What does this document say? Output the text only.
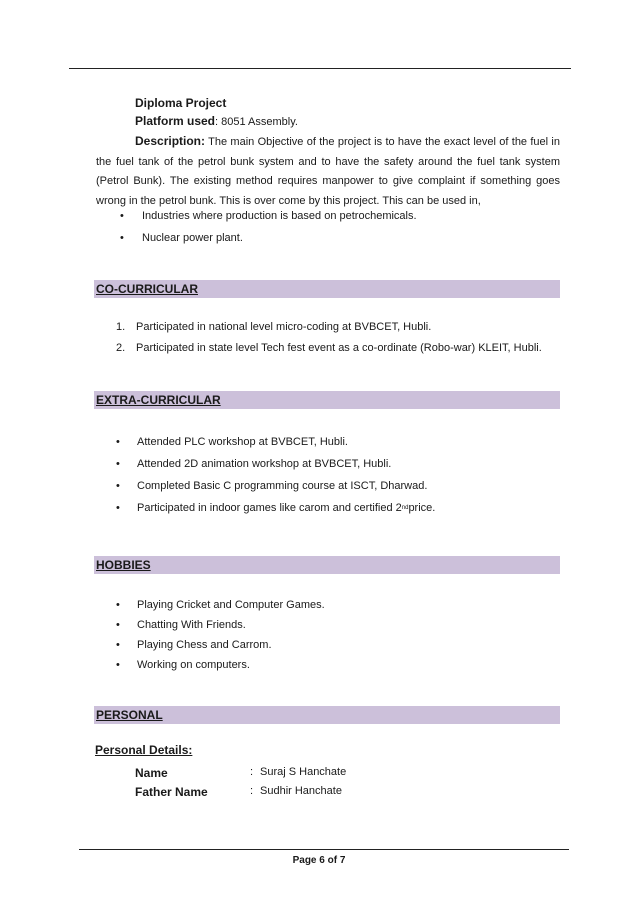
Diploma Project
Platform used: 8051 Assembly.
Description: The main Objective of the project is to have the exact level of the fuel in the fuel tank of the petrol bunk system and to have the safety around the fuel tank system (Petrol Bunk). The existing method requires manpower to give complaint if something goes wrong in the petrol bunk. This is over come by this project. This can be used in,
•	Industries where production is based on petrochemicals.
•	Nuclear power plant.
CO-CURRICULAR
1. Participated in national level micro-coding at BVBCET, Hubli.
2. Participated in state level Tech fest event as a co-ordinate (Robo-war) KLEIT, Hubli.
EXTRA-CURRICULAR
•	Attended PLC workshop at BVBCET, Hubli.
•	Attended 2D animation workshop at BVBCET, Hubli.
•	Completed Basic C programming course at ISCT, Dharwad.
•	Participated in indoor games like carom and certified 2 nd price.
HOBBIES
•	Playing Cricket and Computer Games.
•	Chatting With Friends.
•	Playing Chess and Carrom.
•	Working on computers.
PERSONAL
Personal Details:
Name	: Suraj S Hanchate
Father Name	: Sudhir Hanchate
Page 6 of 7
